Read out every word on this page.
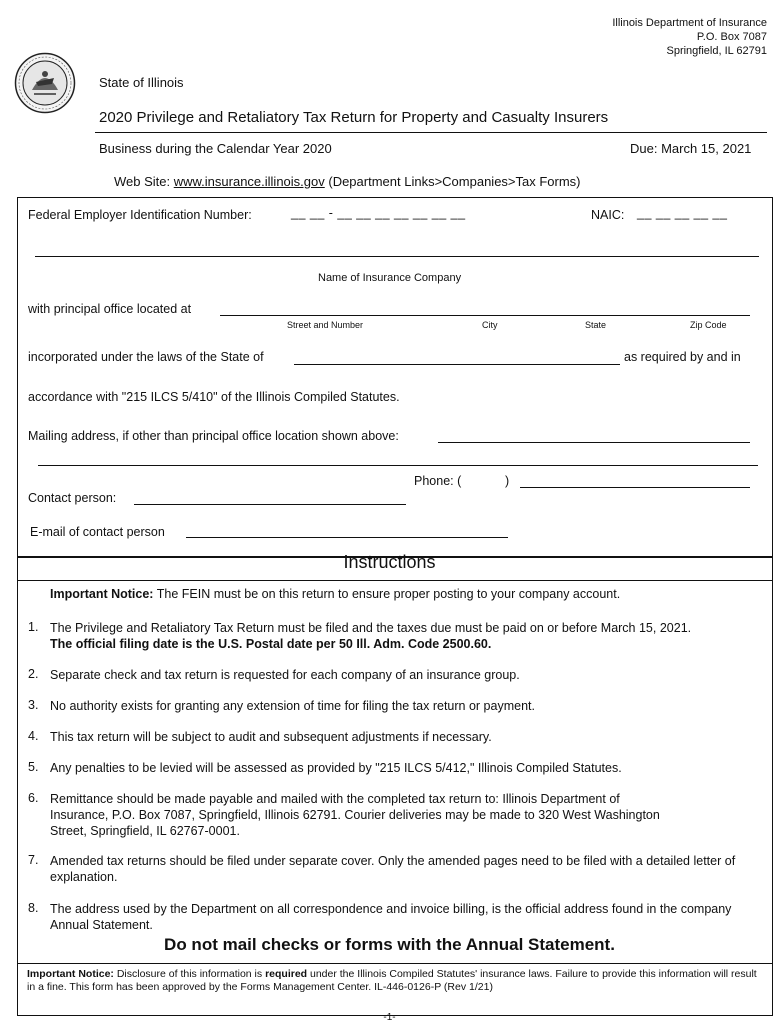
Illinois Department of Insurance
P.O. Box 7087
Springfield, IL 62791
State of Illinois
2020 Privilege and Retaliatory Tax Return for Property and Casualty Insurers
Business during the Calendar Year 2020	Due: March 15, 2021
Web Site: www.insurance.illinois.gov (Department Links>Companies>Tax Forms)
Federal Employer Identification Number:	__ __ - __ __ __ __ __ __ __	NAIC: __ __ __ __ __
Name of Insurance Company
with principal office located at
Street and Number	City	State	Zip Code
incorporated under the laws of the State of	as required by and in
accordance with "215 ILCS 5/410" of the Illinois Compiled Statutes.
Mailing address, if other than principal office location shown above:
Phone: (	)
Contact person:
E-mail of contact person
Instructions
Important Notice: The FEIN must be on this return to ensure proper posting to your company account.
1. The Privilege and Retaliatory Tax Return must be filed and the taxes due must be paid on or before March 15, 2021.
The official filing date is the U.S. Postal date per 50 Ill. Adm. Code 2500.60.
2. Separate check and tax return is requested for each company of an insurance group.
3. No authority exists for granting any extension of time for filing the tax return or payment.
4. This tax return will be subject to audit and subsequent adjustments if necessary.
5. Any penalties to be levied will be assessed as provided by "215 ILCS 5/412," Illinois Compiled Statutes.
6. Remittance should be made payable and mailed with the completed tax return to: Illinois Department of Insurance, P.O. Box 7087, Springfield, Illinois 62791. Courier deliveries may be made to 320 West Washington Street, Springfield, IL 62767-0001.
7. Amended tax returns should be filed under separate cover. Only the amended pages need to be filed with a detailed letter of explanation.
8. The address used by the Department on all correspondence and invoice billing, is the official address found in the company Annual Statement.
Do not mail checks or forms with the Annual Statement.
Important Notice: Disclosure of this information is required under the Illinois Compiled Statutes' insurance laws. Failure to provide this information will result in a fine. This form has been approved by the Forms Management Center. IL-446-0126-P (Rev 1/21)
-1-
